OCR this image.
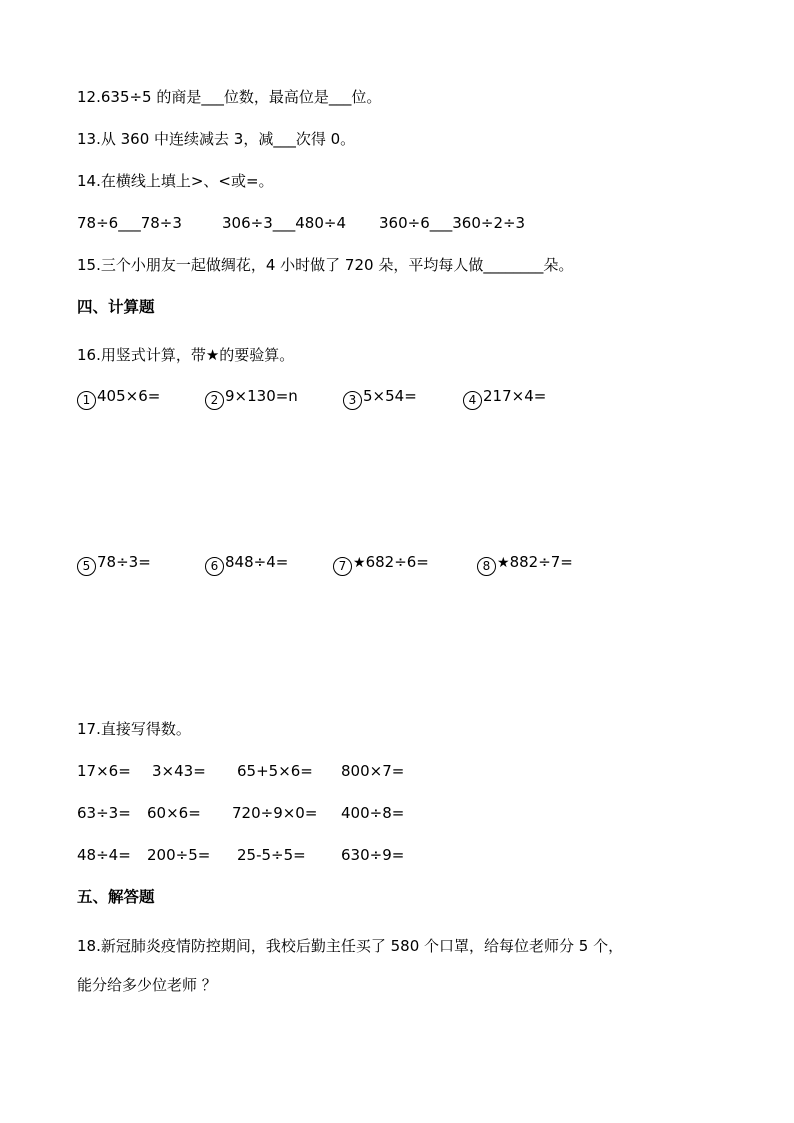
12.635÷5 的商是___位数，最高位是___位。
13.从 360 中连续减去 3，减___次得 0。
14.在横线上填上>、<或=。
78÷6___78÷3	306÷3___480÷4 360÷6___360÷2÷3
15.三个小朋友一起做绸花，4 小时做了 720 朵，平均每人做________朵。
四、计算题
16.用竖式计算，带★的要验算。
1 405×6=	2 9×130=n	3 5×54=	4 217×4=
5 78÷3=	6 848÷4=	7 ★682÷6=	8 ★882÷7=
17.直接写得数。
17×6= 3×43= 65+5×6= 800×7=
63÷3= 60×6= 720÷9×0= 400÷8=
48÷4= 200÷5= 25-5÷5= 630÷9=
五、解答题
18.新冠肺炎疫情防控期间，我校后勤主任买了 580 个口罩，给每位老师分 5 个，
能分给多少位老师 ？
